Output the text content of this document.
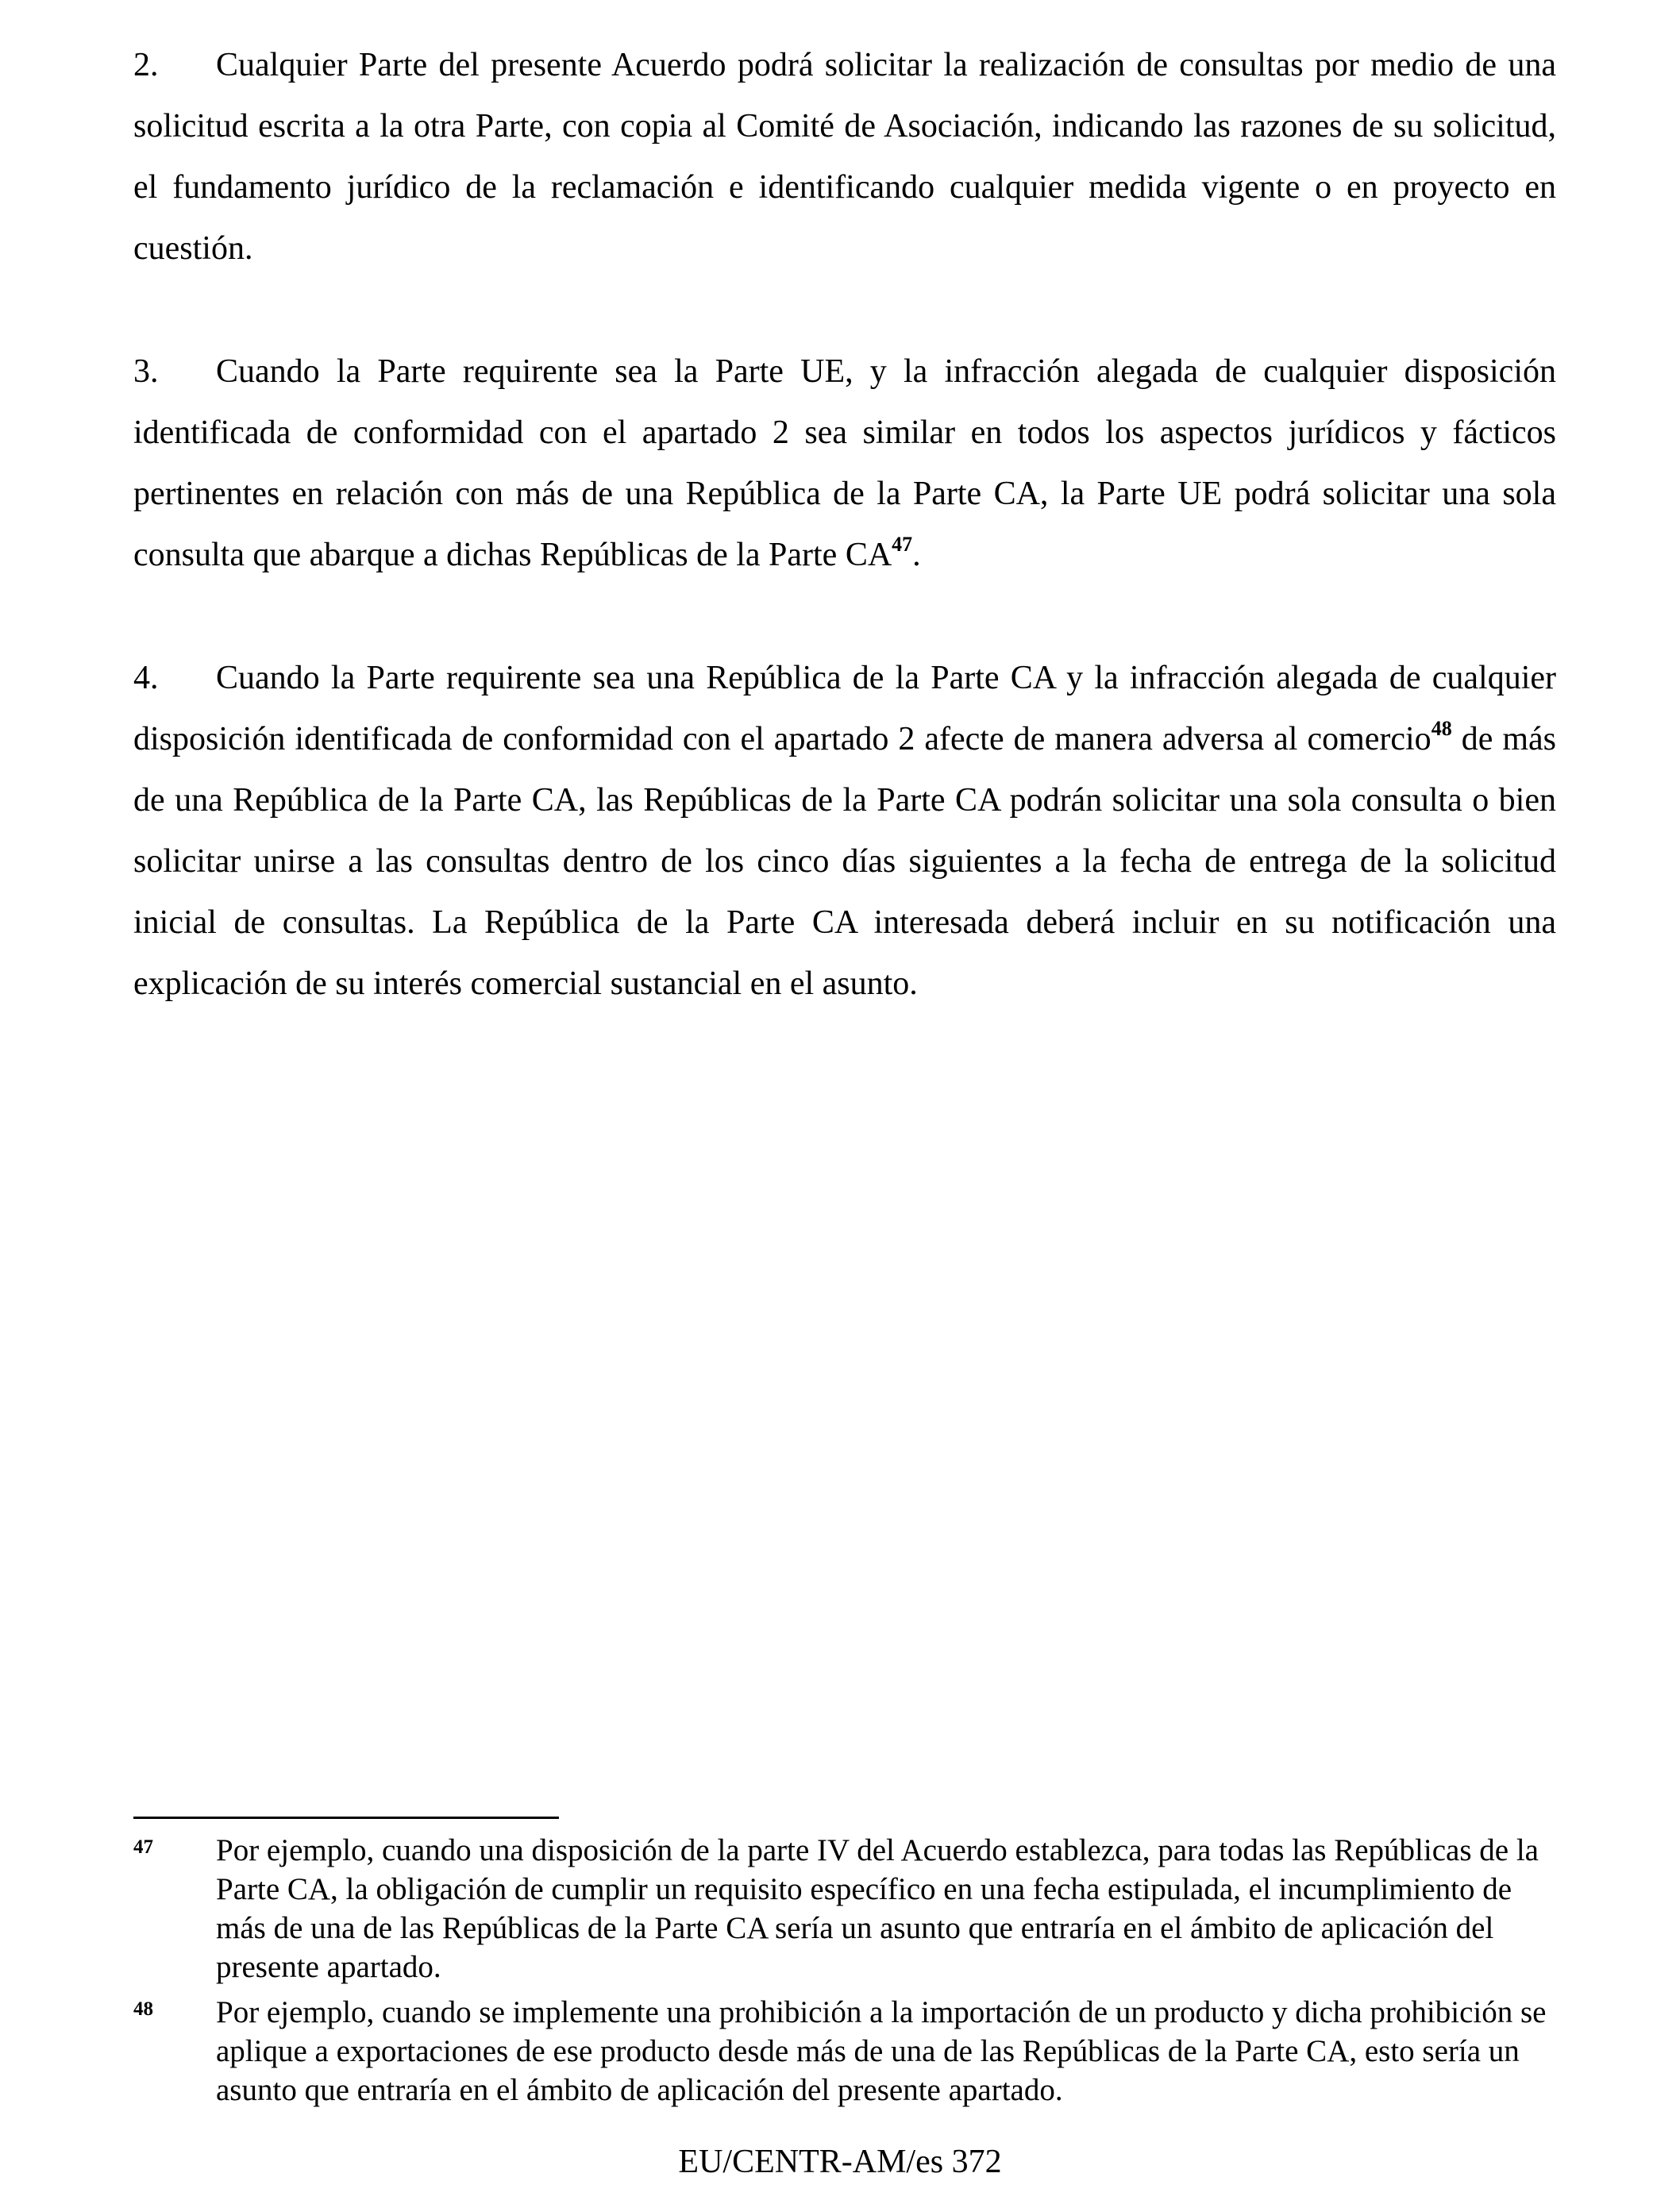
2. Cualquier Parte del presente Acuerdo podrá solicitar la realización de consultas por medio de una solicitud escrita a la otra Parte, con copia al Comité de Asociación, indicando las razones de su solicitud, el fundamento jurídico de la reclamación e identificando cualquier medida vigente o en proyecto en cuestión.

3. Cuando la Parte requirente sea la Parte UE, y la infracción alegada de cualquier disposición identificada de conformidad con el apartado 2 sea similar en todos los aspectos jurídicos y fácticos pertinentes en relación con más de una República de la Parte CA, la Parte UE podrá solicitar una sola consulta que abarque a dichas Repúblicas de la Parte CA$^{47}$.

4. Cuando la Parte requirente sea una República de la Parte CA y la infracción alegada de cualquier disposición identificada de conformidad con el apartado 2 afecte de manera adversa al comercio$^{48}$ de más de una República de la Parte CA, las Repúblicas de la Parte CA podrán solicitar una sola consulta o bien solicitar unirse a las consultas dentro de los cinco días siguientes a la fecha de entrega de la solicitud inicial de consultas. La República de la Parte CA interesada deberá incluir en su notificación una explicación de su interés comercial sustancial en el asunto.

47 Por ejemplo, cuando una disposición de la parte IV del Acuerdo establezca, para todas las Repúblicas de la Parte CA, la obligación de cumplir un requisito específico en una fecha estipulada, el incumplimiento de más de una de las Repúblicas de la Parte CA sería un asunto que entraría en el ámbito de aplicación del presente apartado.
48 Por ejemplo, cuando se implemente una prohibición a la importación de un producto y dicha prohibición se aplique a exportaciones de ese producto desde más de una de las Repúblicas de la Parte CA, esto sería un asunto que entraría en el ámbito de aplicación del presente apartado.
EU/CENTR-AM/es 372
